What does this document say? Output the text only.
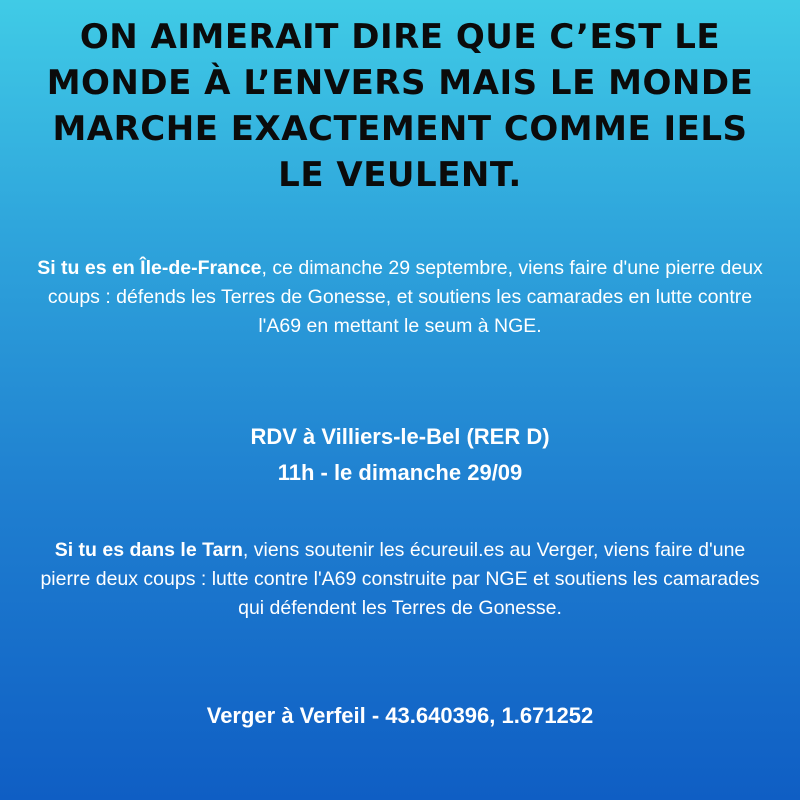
ON AIMERAIT DIRE QUE C’EST LE MONDE À L’ENVERS MAIS LE MONDE MARCHE EXACTEMENT COMME IELS LE VEULENT.

Si tu es en Île-de-France, ce dimanche 29 septembre, viens faire d'une pierre deux coups : défends les Terres de Gonesse, et soutiens les camarades en lutte contre l'A69 en mettant le seum à NGE.

RDV à Villiers-le-Bel (RER D)

11h - le dimanche 29/09

Si tu es dans le Tarn, viens soutenir les écureuil.es au Verger, viens faire d'une pierre deux coups : lutte contre l'A69 construite par NGE et soutiens les camarades qui défendent les Terres de Gonesse.

Verger à Verfeil - 43.640396, 1.671252
